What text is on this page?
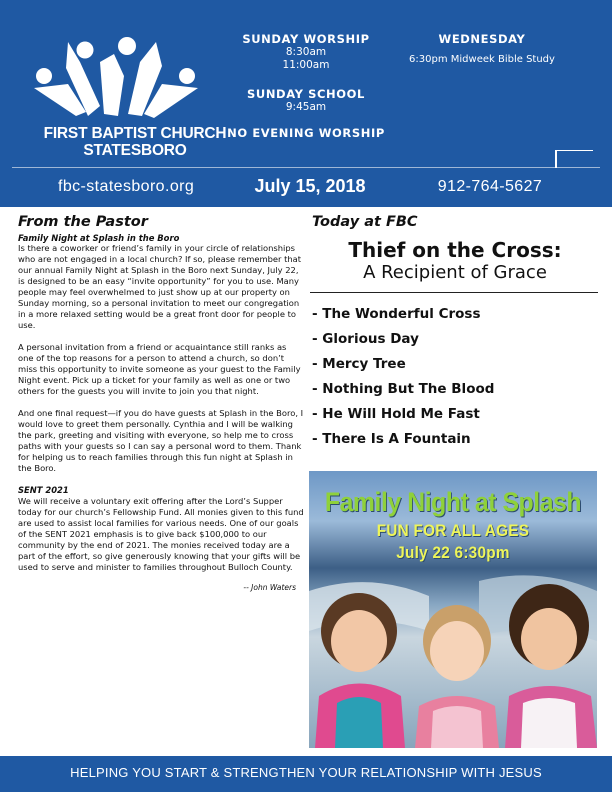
FIRST BAPTIST CHURCH
STATESBORO
SUNDAY WORSHIP
8:30am
11:00am
SUNDAY SCHOOL
9:45am
NO EVENING WORSHIP
WEDNESDAY
6:30pm Midweek Bible Study
fbc-statesboro.org	July 15, 2018	912-764-5627
From the Pastor
Family Night at Splash in the Boro

Is there a coworker or friend’s family in your circle of relationships who are not engaged in a local church? If so, please remember that our annual Family Night at Splash in the Boro next Sunday, July 22, is designed to be an easy “invite opportunity” for you to use. Many people may feel overwhelmed to just show up at our property on Sunday morning, so a personal invitation to meet our congregation in a more relaxed setting would be a great front door for people to use.

A personal invitation from a friend or acquaintance still ranks as one of the top reasons for a person to attend a church, so don’t miss this opportunity to invite someone as your guest to the Family Night event. Pick up a ticket for your family as well as one or two others for the guests you will invite to join you that night.

And one final request—if you do have guests at Splash in the Boro, I would love to greet them personally. Cynthia and I will be walking the park, greeting and visiting with everyone, so help me to cross paths with your guests so I can say a personal word to them. Thank for helping us to reach families through this fun night at Splash in the Boro.

SENT 2021

We will receive a voluntary exit offering after the Lord’s Supper today for our church’s Fellowship Fund. All monies given to this fund are used to assist local families for various needs. One of our goals of the SENT 2021 emphasis is to give back $100,000 to our community by the end of 2021. The monies received today are a part of the effort, so give generously knowing that your gifts will be used to serve and minister to families throughout Bulloch County.

-- John Waters
Today at FBC
Thief on the Cross:
A Recipient of Grace
- The Wonderful Cross
- Glorious Day
- Mercy Tree
- Nothing But The Blood
- He Will Hold Me Fast
- There Is A Fountain
Family Night at Splash
FUN FOR ALL AGES
July 22 6:30pm
HELPING YOU START & STRENGTHEN YOUR RELATIONSHIP WITH JESUS
